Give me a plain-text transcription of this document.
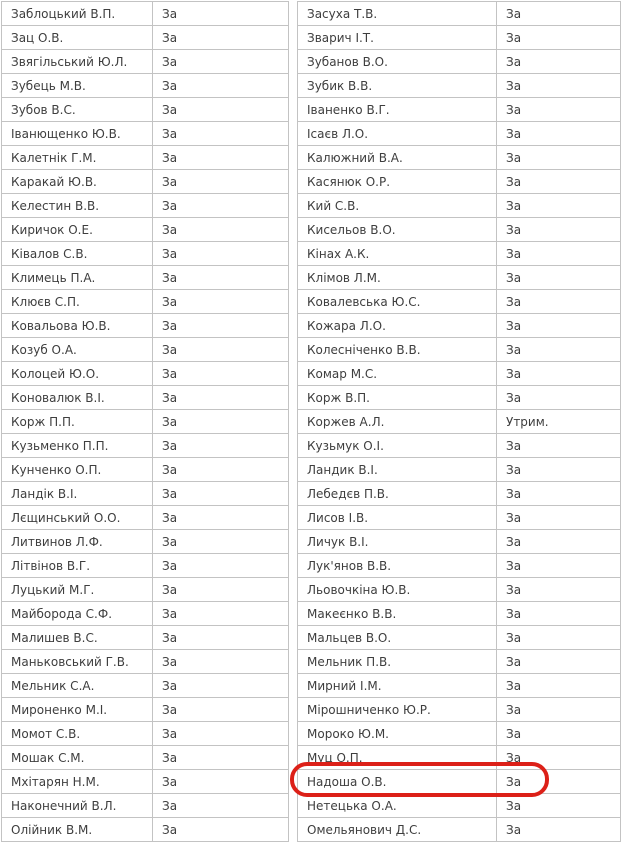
Заблоцький В.П.	За
Зац О.В.	За
Звягільський Ю.Л.	За
Зубець М.В.	За
Зубов В.С.	За
Іванющенко Ю.В.	За
Калетнік Г.М.	За
Каракай Ю.В.	За
Келестин В.В.	За
Киричок О.Е.	За
Ківалов С.В.	За
Климець П.А.	За
Клюєв С.П.	За
Ковальова Ю.В.	За
Козуб О.А.	За
Колоцей Ю.О.	За
Коновалюк В.І.	За
Корж П.П.	За
Кузьменко П.П.	За
Кунченко О.П.	За
Ландік В.І.	За
Лєщинський О.О.	За
Литвинов Л.Ф.	За
Літвінов В.Г.	За
Луцький М.Г.	За
Майборода С.Ф.	За
Малишев В.С.	За
Маньковський Г.В.	За
Мельник С.А.	За
Мироненко М.І.	За
Момот С.В.	За
Мошак С.М.	За
Мхітарян Н.М.	За
Наконечний В.Л.	За
Олійник В.М.	За
Засуха Т.В.	За
Зварич І.Т.	За
Зубанов В.О.	За
Зубик В.В.	За
Іваненко В.Г.	За
Ісаєв Л.О.	За
Калюжний В.А.	За
Касянюк О.Р.	За
Кий С.В.	За
Кисельов В.О.	За
Кінах А.К.	За
Клімов Л.М.	За
Ковалевська Ю.С.	За
Кожара Л.О.	За
Колесніченко В.В.	За
Комар М.С.	За
Корж В.П.	За
Коржев А.Л.	Утрим.
Кузьмук О.І.	За
Ландик В.І.	За
Лебедєв П.В.	За
Лисов І.В.	За
Личук В.І.	За
Лук'янов В.В.	За
Льовочкіна Ю.В.	За
Макеєнко В.В.	За
Мальцев В.О.	За
Мельник П.В.	За
Мирний І.М.	За
Мірошниченко Ю.Р.	За
Мороко Ю.М.	За
Муц О.П.	За
Надоша О.В.	За
Нетецька О.А.	За
Омельянович Д.С.	За
